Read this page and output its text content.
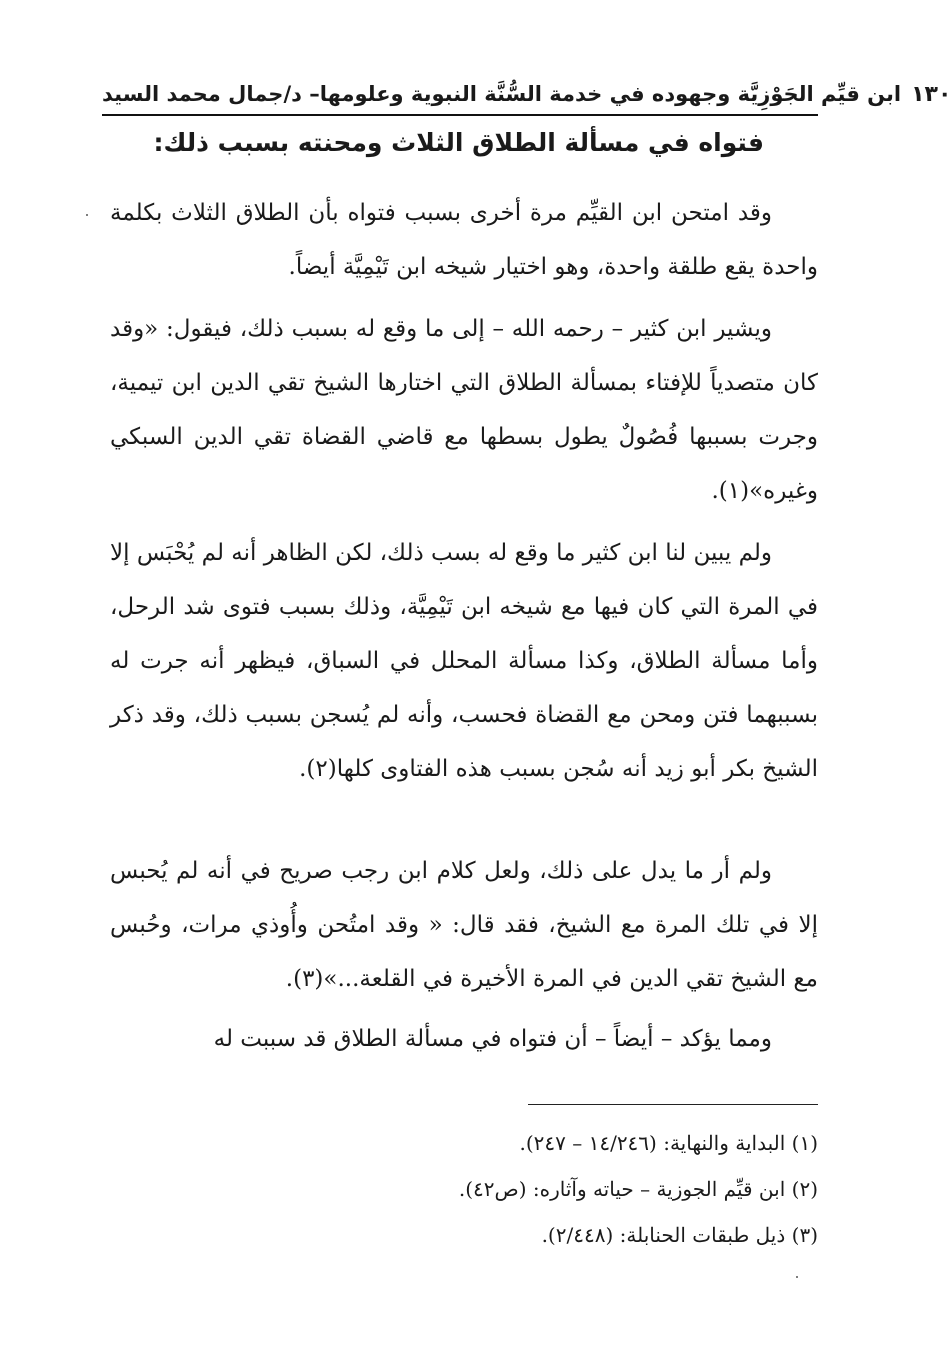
١٣٠
ابن قيِّم الجَوْزِيَّة وجهوده في خدمة السُّنَّة النبوية وعلومها– د/جمال محمد السيد
فتواه في مسألة الطلاق الثلاث ومحنته بسبب ذلك:

وقد امتحن ابن القيِّم مرة أخرى بسبب فتواه بأن الطلاق الثلاث بكلمة واحدة يقع طلقة واحدة، وهو اختيار شيخه ابن تَيْمِيَّة أيضاً.

ويشير ابن كثير – رحمه الله – إلى ما وقع له بسبب ذلك، فيقول: «وقد كان متصدياً للإفتاء بمسألة الطلاق التي اختارها الشيخ تقي الدين ابن تيمية، وجرت بسببها فُصُولٌ يطول بسطها مع قاضي القضاة تقي الدين السبكي وغيره»(١).

ولم يبين لنا ابن كثير ما وقع له بسب ذلك، لكن الظاهر أنه لم يُحْبَس إلا في المرة التي كان فيها مع شيخه ابن تَيْمِيَّة، وذلك بسبب فتوى شد الرحل، وأما مسألة الطلاق، وكذا مسألة المحلل في السباق، فيظهر أنه جرت له بسببهما فتن ومحن مع القضاة فحسب، وأنه لم يُسجن بسبب ذلك، وقد ذكر الشيخ بكر أبو زيد أنه سُجن بسبب هذه الفتاوى كلها(٢).

ولم أر ما يدل على ذلك، ولعل كلام ابن رجب صريح في أنه لم يُحبس إلا في تلك المرة مع الشيخ، فقد قال: « وقد امتُحن وأُوذي مرات، وحُبس مع الشيخ تقي الدين في المرة الأخيرة في القلعة...»(٣).

ومما يؤكد – أيضاً – أن فتواه في مسألة الطلاق قد سببت له

(١) البداية والنهاية: (١٤/٢٤٦ – ٢٤٧).

(٢) ابن قيِّم الجوزية – حياته وآثاره: (ص٤٢).

(٣) ذيل طبقات الحنابلة: (٢/٤٤٨).
